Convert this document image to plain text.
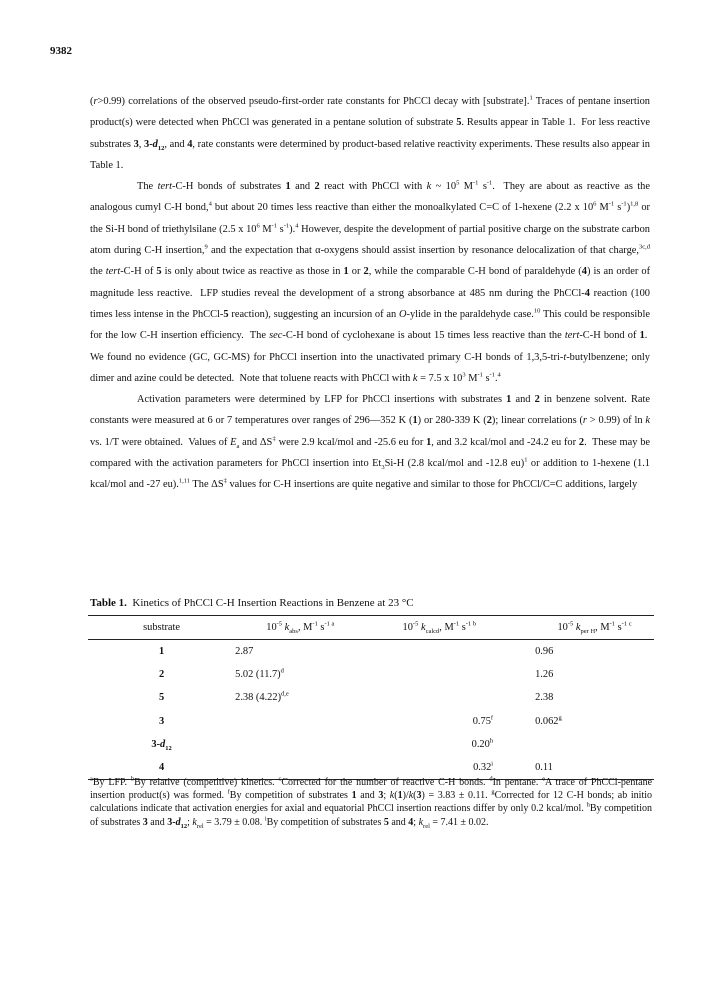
9382

(r>0.99) correlations of the observed pseudo-first-order rate constants for PhCCl decay with [substrate].$^1$ Traces of pentane insertion product(s) were detected when PhCCl was generated in a pentane solution of substrate 5. Results appear in Table 1.  For less reactive substrates 3, $3-d_{12}$, and 4, rate constants were determined by product-based relative reactivity experiments. These results also appear in Table 1.

The tert-C-H bonds of substrates 1 and 2 react with PhCCl with k ~ $10^5$ $M^{-1}$ $s^{-1}$.  They are about as reactive as the analogous cumyl C-H bond,$^4$ but about 20 times less reactive than either the monoalkylated C=C of 1-hexene (2.2 x $10^6$ $M^{-1}$ $s^{-1})^{1,8}$ or the Si-H bond of triethylsilane (2.5 x $10^6$ $M^{-1}$ $s^{-1}).^4$ However, despite the development of partial positive charge on the substrate carbon atom during C-H insertion,$^9$ and the expectation that α-oxygens should assist insertion by resonance delocalization of that charge,$^{3c,d}$ the tert-C-H of 5 is only about twice as reactive as those in 1 or 2, while the comparable C-H bond of paraldehyde (4) is an order of magnitude less reactive.  LFP studies reveal the development of a strong absorbance at 485 nm during the PhCCl-4 reaction (100 times less intense in the PhCCl-5 reaction), suggesting an incursion of an O-ylide in the paraldehyde case.$^{10}$ This could be responsible for the low C-H insertion efficiency.  The sec-C-H bond of cyclohexane is about 15 times less reactive than the tert-C-H bond of 1.  We found no evidence (GC, GC-MS) for PhCCl insertion into the unactivated primary C-H bonds of 1,3,5-tri-t-butylbenzene; only dimer and azine could be detected.  Note that toluene reacts with PhCCl with k = 7.5 x $10^3$ $M^{-1}$ $s^{-1}.^4$

Activation parameters were determined by LFP for PhCCl insertions with substrates 1 and 2 in benzene solvent. Rate constants were measured at 6 or 7 temperatures over ranges of 296—352 K (1) or 280-339 K (2); linear correlations (r > 0.99) of ln k vs. 1/T were obtained.  Values of $E_a$ and ΔS‡ were 2.9 kcal/mol and -25.6 eu for 1, and 3.2 kcal/mol and -24.2 eu for 2.  These may be compared with the activation parameters for PhCCl insertion into $Et_3Si-H$ (2.8 kcal/mol and -12.8 eu)$^1$ or addition to 1-hexene (1.1 kcal/mol and -27 eu).$^{1,11}$ The ΔS‡ values for C-H insertions are quite negative and similar to those for PhCCl/C=C additions, largely

Table 1. Kinetics of PhCCl C-H Insertion Reactions in Benzene at 23 °C
substrate	$10^{-5}$ $k_{abs}$, $M^{-1}$ $s^{-1 a}$	$10^{-5}$ $k_{calcd}$, $M^{-1}$ $s^{-1 b}$	$10^{-5}$ $k_{per H}$, $M^{-1}$ $s^{-1 c}$
1	2.87		0.96
2	5.02 $(11.7)^d$		1.26
5	2.38 $(4.22)^{d,e}$		2.38
3		0.75$^f$	0.062$^g$
$3-d_{12}$		0.20$^h$	
4		0.32$^i$	0.11
$^a$By LFP. $^b$By relative (competitive) kinetics. $^c$Corrected for the number of reactive C-H bonds. $^d$In pentane. $^e$A trace of PhCCl-pentane insertion product(s) was formed. $^f$By competition of substrates 1 and 3; k(1)/k(3) = 3.83 ± 0.11. $^g$Corrected for 12 C-H bonds; ab initio calculations indicate that activation energies for axial and equatorial PhCCl insertion reactions differ by only 0.2 kcal/mol. $^h$By competition of substrates 3 and $3-d_{12}$; $k_{rel} = 3.79 \pm 0.08$. $^i$By competition of substrates 5 and 4; $k_{rel} = 7.41 \pm 0.02$.
